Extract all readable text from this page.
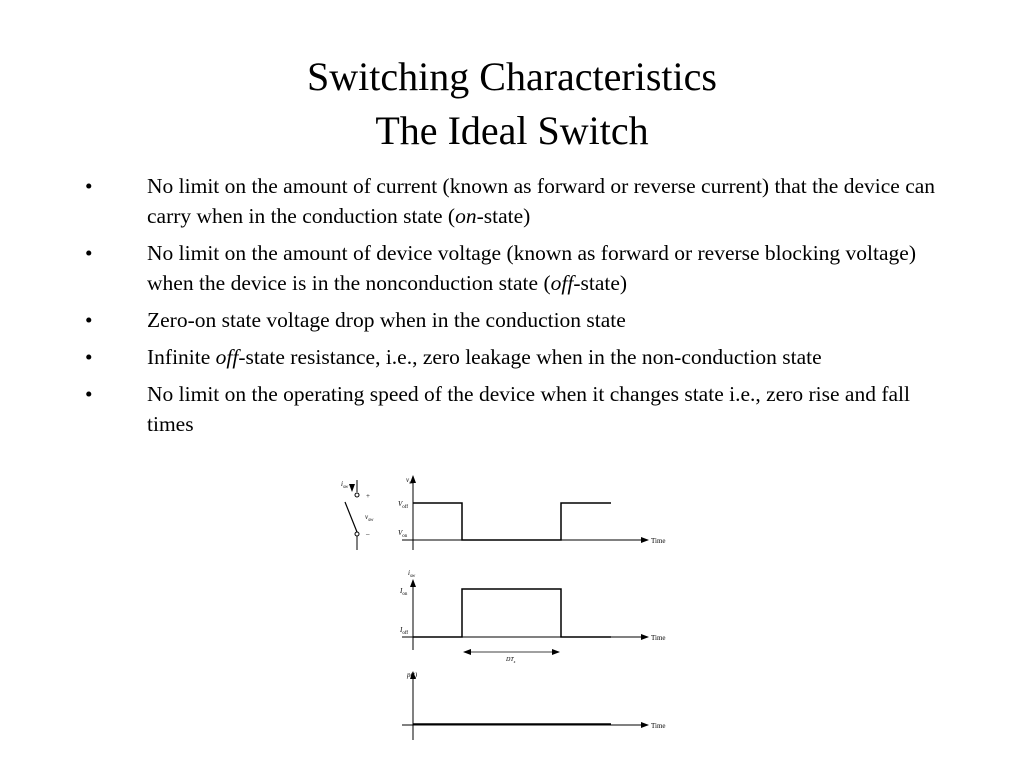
Switching Characteristics
The Ideal Switch
•	No limit on the amount of current (known as forward or reverse current) that the device can carry when in the conduction state (on-state)
•	No limit on the amount of device voltage (known as forward or reverse blocking voltage) when the device is in the nonconduction state (off-state)
•	Zero-on state voltage drop when in the conduction state
•	Infinite off-state resistance, i.e., zero leakage when in the non-conduction state
•	No limit on the operating speed of the device when it changes state i.e., zero rise and fall times
$i_{sw}$
+
$v_{sw}$
–
$v_{sw}$
$V_{off}$
$V_{on}$
Time
$i_{sw}$
$I_{on}$
$I_{off}$
Time
$DT_s$
p(t)
Time
